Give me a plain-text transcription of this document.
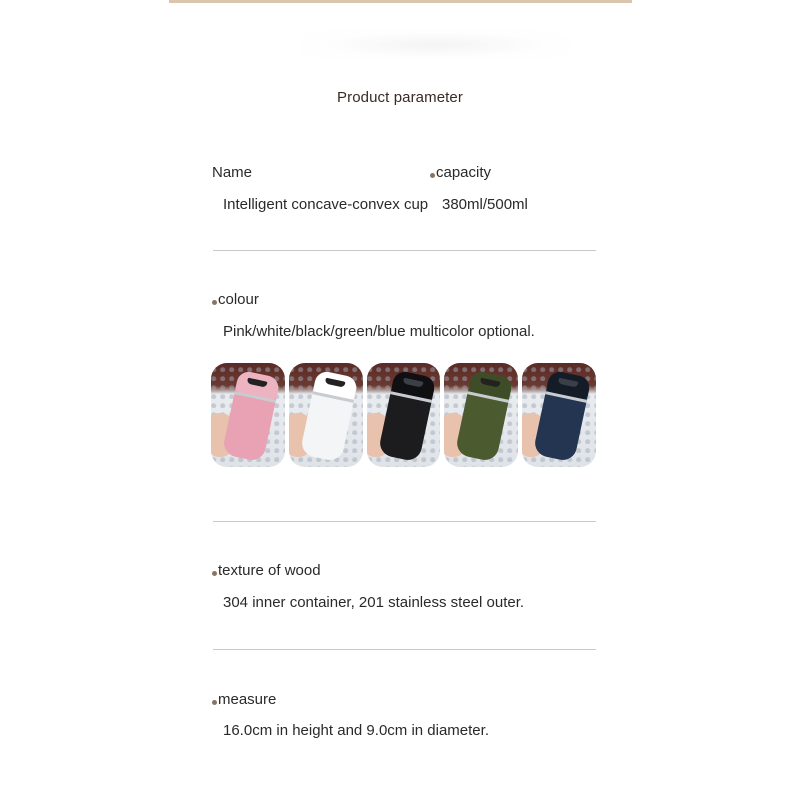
Product parameter
Name	capacity
Intelligent concave-convex cup 380ml/500ml
colour
Pink/white/black/green/blue multicolor optional.
texture of wood
304 inner container, 201 stainless steel outer.
measure
16.0cm in height and 9.0cm in diameter.
